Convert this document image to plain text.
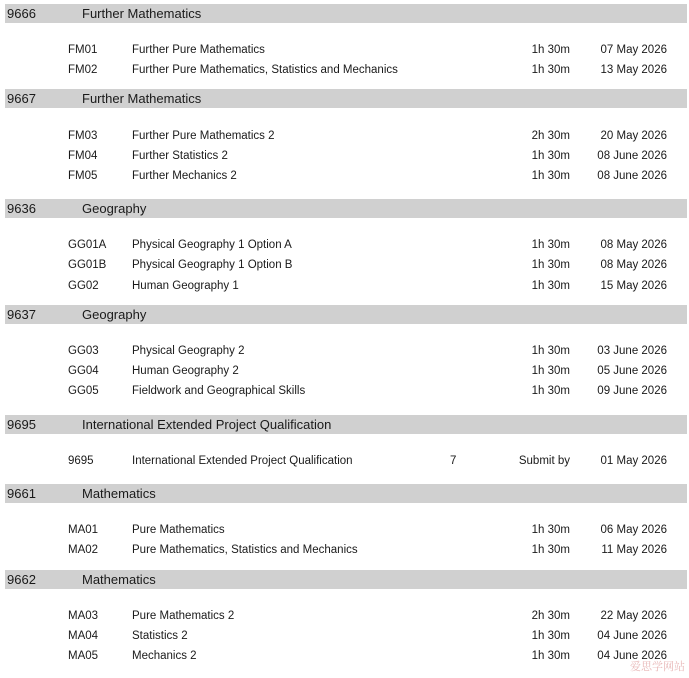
9666	Further Mathematics
FM01	Further Pure Mathematics	1h 30m	07 May 2026
FM02	Further Pure Mathematics, Statistics and Mechanics	1h 30m	13 May 2026
9667	Further Mathematics
FM03	Further Pure Mathematics 2	2h 30m	20 May 2026
FM04	Further Statistics 2	1h 30m 08 June 2026
FM05	Further Mechanics 2	1h 30m 08 June 2026
9636	Geography
GG01A Physical Geography 1 Option A	1h 30m	08 May 2026
GG01B Physical Geography 1 Option B	1h 30m	08 May 2026
GG02	Human Geography 1	1h 30m	15 May 2026
9637	Geography
GG03	Physical Geography 2	1h 30m 03 June 2026
GG04	Human Geography 2	1h 30m 05 June 2026
GG05	Fieldwork and Geographical Skills	1h 30m 09 June 2026
9695	International Extended Project Qualification
9695	International Extended Project Qualification	7	Submit by	01 May 2026
9661	Mathematics
MA01	Pure Mathematics	1h 30m	06 May 2026
MA02	Pure Mathematics, Statistics and Mechanics	1h 30m	11 May 2026
9662	Mathematics
MA03	Pure Mathematics 2	2h 30m	22 May 2026
MA04	Statistics 2	1h 30m 04 June 2026
MA05	Mechanics 2	1h 30m 04 June 2026
爱思学网站
